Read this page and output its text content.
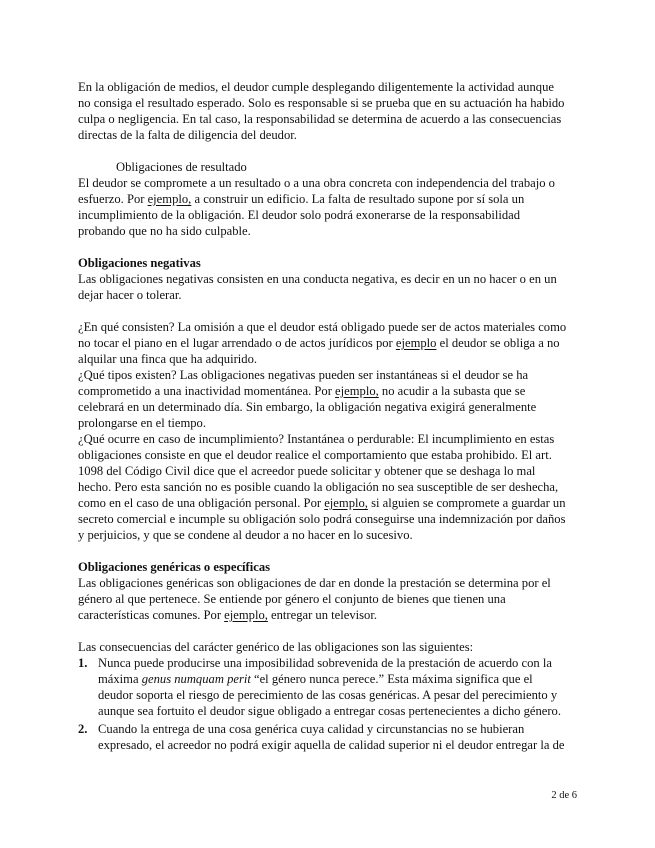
En la obligación de medios, el deudor cumple desplegando diligentemente la actividad aunque
no consiga el resultado esperado. Solo es responsable si se prueba que en su actuación ha habido
culpa o negligencia. En tal caso, la responsabilidad se determina de acuerdo a las consecuencias
directas de la falta de diligencia del deudor.
Obligaciones de resultado
El deudor se compromete a un resultado o a una obra concreta con independencia del trabajo o
esfuerzo. Por ejemplo, a construir un edificio. La falta de resultado supone por sí sola un
incumplimiento de la obligación. El deudor solo podrá exonerarse de la responsabilidad
probando que no ha sido culpable.
Obligaciones negativas
Las obligaciones negativas consisten en una conducta negativa, es decir en un no hacer o en un
dejar hacer o tolerar.
¿En qué consisten? La omisión a que el deudor está obligado puede ser de actos materiales como
no tocar el piano en el lugar arrendado o de actos jurídicos por ejemplo el deudor se obliga a no
alquilar una finca que ha adquirido.
¿Qué tipos existen? Las obligaciones negativas pueden ser instantáneas si el deudor se ha
comprometido a una inactividad momentánea. Por ejemplo, no acudir a la subasta que se
celebrará en un determinado día. Sin embargo, la obligación negativa exigirá generalmente
prolongarse en el tiempo.
¿Qué ocurre en caso de incumplimiento? Instantánea o perdurable: El incumplimiento en estas
obligaciones consiste en que el deudor realice el comportamiento que estaba prohibido. El art.
1098 del Código Civil dice que el acreedor puede solicitar y obtener que se deshaga lo mal
hecho. Pero esta sanción no es posible cuando la obligación no sea susceptible de ser deshecha,
como en el caso de una obligación personal. Por ejemplo, si alguien se compromete a guardar un
secreto comercial e incumple su obligación solo podrá conseguirse una indemnización por daños
y perjuicios, y que se condene al deudor a no hacer en lo sucesivo.
Obligaciones genéricas o específicas
Las obligaciones genéricas son obligaciones de dar en donde la prestación se determina por el
género al que pertenece. Se entiende por género el conjunto de bienes que tienen una
características comunes. Por ejemplo, entregar un televisor.
Las consecuencias del carácter genérico de las obligaciones son las siguientes:
1. Nunca puede producirse una imposibilidad sobrevenida de la prestación de acuerdo con la
máxima genus numquam perit “el género nunca perece.” Esta máxima significa que el
deudor soporta el riesgo de perecimiento de las cosas genéricas. A pesar del perecimiento y
aunque sea fortuito el deudor sigue obligado a entregar cosas pertenecientes a dicho género.
2. Cuando la entrega de una cosa genérica cuya calidad y circunstancias no se hubieran
expresado, el acreedor no podrá exigir aquella de calidad superior ni el deudor entregar la de
2 de 6
